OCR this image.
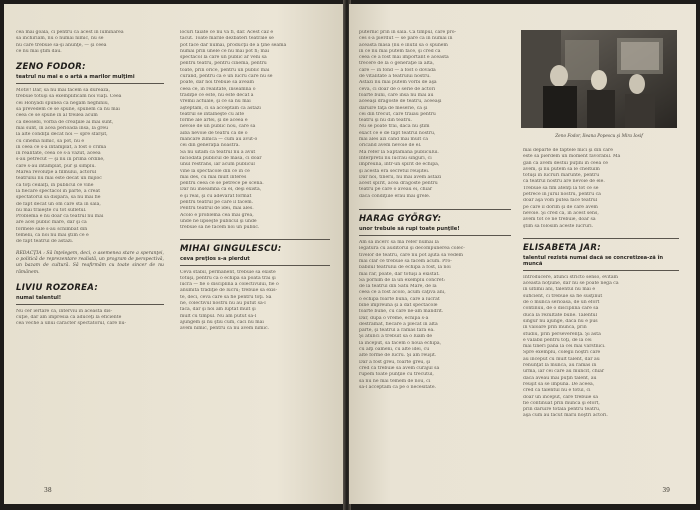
cea mai goală, ci pentru că acest în luminarea
să închiriăm, nu o numai nimic, nu se
nu care trebuie să-şi anunţe, — şi ceea
ce nu mai ştim dau.

ZENO FODOR:

teatrul nu mai e o artă a marilor mulţimi

Motiv! Dar, sa nu mai facem să dureaza,
trebuie totuşi să exemplificăm noi viaţi. Ceea
cei Honyadi spunea că negăm neghiniu,
să prevedem ce se spune, spunem că nu mai
ceea ce se spune în al treilea acum
că deosebi, vorba de creaţiile ai mai sunt,
mai sunt, în acea perioadă însă, la greu
la alte condiţii decât noi — spre sfârşit,
cu cinema nimic, să pot, nu e
în ceea ce s-a întâmplat, a fost o crimă
în realitate, ceea ce s-a văzut, aceea
s-au petrecut — şi nu în prima ordine,
care s-au întâmplat, pur şi simplu.
Marea revoluţie a filmului, actorul
teatrului nu mai este decât un mijloc
ca toţi ceilalţi, în publicul ce vine
la fiecare spectacol în parte, a creat
spectatorul să dispară, să nu mai fie
de fapt decât un om care stă în sală,
nu mai trăieşte cu tot sufletul.
Problema e nu doar că teatrul nu mai
are acel public mare, dar şi că
formele sale s-au schimbat din
temelii, că noi nu mai ştim ce e
de fapt teatrul de astăzi.

REDACŢIA : Să înţelegem, deci, o asemenea stare a speranţei, o politică de reprezentare realistă, un program de perspectivă, un bazam de cultură. Să reafirmăm cu toate sincer de nu rămânem.

LIVIU ROZOREA:

numai talentul!

Nu cer iertare că, interviu în această dis-
cuţie, dar am impresia că aduceţi la eficiente
cea veche a unui caracter spectatorul, care nu-
locuri tăiate ce nu va fi, dar. Acest caz e
tăcut. Toate marile dezbateri teatrale se
pot face dar numai, producţii de a ţine seama
numai prin unele ce nu mai pot fi; mai
spectacol la care un public ar veni să
pentru teatru, pentru cinema, pentru
toate, prin orice, pentru un public mai
curând, pentru că e un lucru care nu se
poate, dar noi trebuie să aveam
ceea ce, în realitate, înseamnă o
tradiţie ce este, nu este decât a
vremii actuale, şi ce să nu mai
aşteptăm, ci să acceptăm că astăzi
teatrul se întâlneşte cu alte
forme ale artei, şi de aceea e
nevoie de un public nou, care să
aibă nevoie de teatru ca de o
mâncare zilnică — cum au avut-o
cei din generaţia noastră.
Să nu uităm că teatrul nu a avut
niciodată publicul de masă, ci doar
unul restrâns, iar acum publicul
vine la spectacole din ce în ce
mai des, cu mai mult interes
pentru ceea ce se petrece pe scenă.
Dar nu înseamnă că el, deşi există,
e şi real, şi cu adevărat format
pentru teatrul pe care îl facem.
Pentru teatrul de idei, mai ales.
Acolo e problema cea mai grea,
unde ne lipseşte publicul şi unde
trebuie să ne facem noi un public.

MIHAI GINGULESCU:

ceva preţios s-a pierdut

Ceva stabil, permanent, trebuie să existe
totuşi, pentru ca o echipă să poată trăi şi
lucra — fie o disciplină a colectivului, fie o
anumită tradiţie de lucru; trebuie să exis-
te, deci, ceva care să fie pentru toţi. Să
ne, colectivul nostru nu au putut să-l
facă, dar şi noi am luptat mult şi
mult cu timpul. Nu am putut să-l
ajungem şi nu ştiu cum, căci nu mai
avem nimic, pentru că nu avem nimic.
38
puternic prin în sală. Ca timpul, care pro-
ces s-a pierdut — se pare că în numai în
această masă (nu e inutil să o spunem
în ce nu mai putem face, şi cred că
ceea ce a fost mai important e această
trecere de la o generaţie la alta,
care — în fond — a fost o dovadă
de vitalitate a teatrului nostru.
Astăzi nu mai putem vorbi de aşa
ceva, ci doar de o serie de actori
foarte buni, care însă nu mai au
aceeaşi dragoste de teatru, aceeaşi
dăruire faţă de meserie, ca şi
cei din trecut, care trăiau pentru
teatru şi nu din teatru.
Nu se poate trăi, dacă nu ştim
exact ce e de fapt teatrul nostru,
mai ales azi când mai mult ca
oricând avem nevoie de el.
Mă refer la Săptămâna publicului.
Interpretii nu lucrau singuri, ci
împreună, într-un spirit de echipă,
şi acesta era secretul reuşitei.
Dar noi, tinerii, nu mai avem astăzi
acest spirit, acea dragoste pentru
teatru pe care o aveau ei, chiar
dacă condiţiile erau mai grele.

HARAG GYÖRGY:

unor trebuie să rupi toate punţile!

Am să încerc să mă refer numai la
legătura cu auditorul şi decompunerea colec-
tivelor de teatru, care nu pot ajută să vedem
mai clar ce trebuie să facem acum. Pro-
babilul teatrului de echipă a fost, la noi
mai rar, poate, dar totuşi a existat.
Să pornim de la un exemplu concret:
de la teatrul din Satu Mare, de la
ceea ce a fost acolo, acum câţiva ani,
o echipă foarte bună, care a lucrat
bine împreună şi a dat spectacole
foarte bune, cu care ne-am mândrit.
Dar, după o vreme, echipa s-a
destrămat, fiecare a plecat în altă
parte, şi teatrul a rămas fără ea.
Şi atunci a trebuit să o luăm de
la început, să facem o nouă echipă,
cu alţi oameni, cu alte idei, cu
alte forme de lucru. Şi am reuşit.
Dar a fost greu, foarte greu, şi
cred că trebuie să avem curajul să
rupem toate punţile cu trecutul,
să nu ne mai temem de nou, ci
să-l acceptăm ca pe o necesitate.
Zeno Fodor, Ileana Popescu şi Mira Iosif
mai departe de faptele mici şi din care
este să pierdem un moment favorabil. Mă
gân că avem destui puţini în ceea ce
avem, şi nu putem să le cheltuim
totuşi în lucruri mărunte, pentru
că teatrul nostru are nevoie de ele.
Trebuie să fim atenţi la tot ce se
petrece în jurul nostru, pentru că
doar aşa vom putea face teatrul
pe care îl dorim şi de care avem
nevoie. Şi cred că, în acest sens,
avem tot ce ne trebuie, doar să
ştim să folosim aceste lucruri.

ELISABETA JAR:

talentul rezistă numai dacă se concretizea-ză în muncă

Introducere, atunci stricto senso, evităm
această noţiune, dar nu se poate nega că
în ultimii ani, talentul nu mai e
suficient, ci trebuie să fie susţinut
de o muncă serioasă, de un efort
continuu, de o disciplină care să
ducă la rezultate bune. Talentul
singur nu ajunge, dacă nu e pus
în valoare prin muncă, prin
studiu, prin perseverenţă. Şi asta
e valabil pentru toţi, de la cei
mai tineri până la cei mai vârstnici.
Spre exemplu, colegii noştri care
au început cu mult talent, dar au
renunţat la muncă, au rămas în
urmă, iar cei care au muncit, chiar
dacă aveau mai puţin talent, au
reuşit să se impună. De aceea,
cred că talentul nu e totul, ci
doar un început, care trebuie să
fie continuat prin muncă şi efort,
prin dăruire totală pentru teatru,
aşa cum au făcut marii noştri actori.
39
